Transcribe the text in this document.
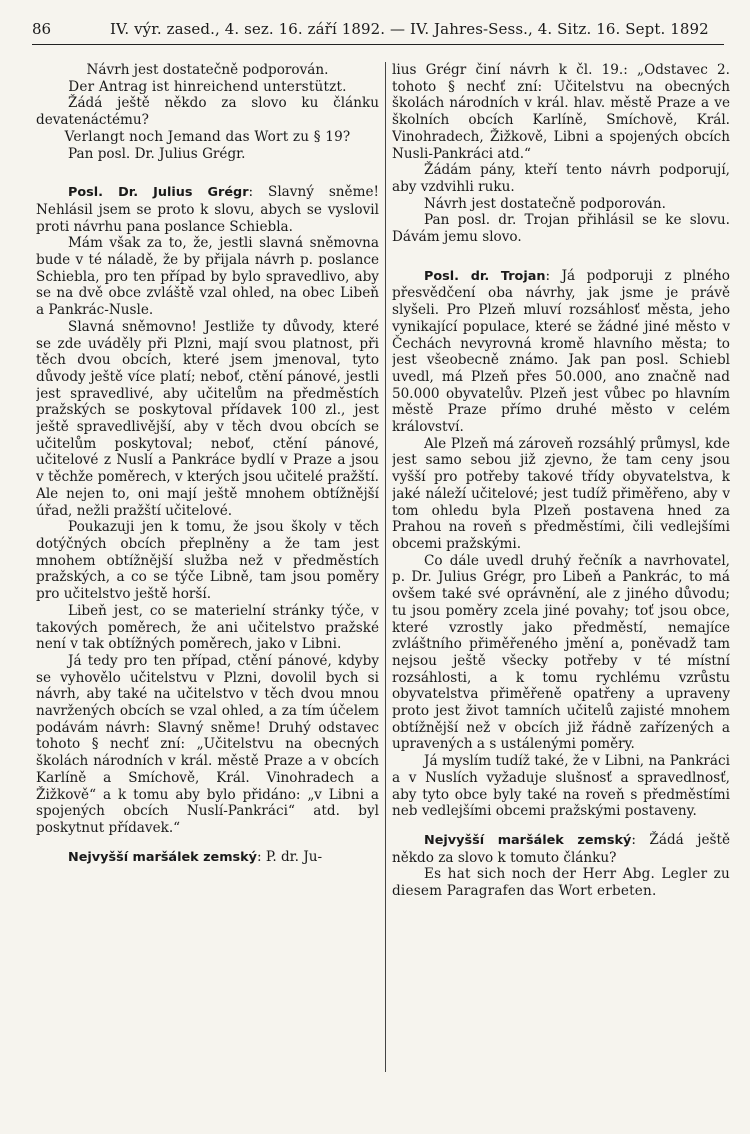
86	IV. výr. zased., 4. sez. 16. září 1892. — IV. Jahres-Sess., 4. Sitz. 16. Sept. 1892

Návrh jest dostatečně podporován.

Der Antrag ist hinreichend unterstützt.

Žádá ještě někdo za slovo ku článku devatenáctému?

Verlangt noch Jemand das Wort zu § 19?

Pan posl. Dr. Julius Grégr.

Posl. Dr. Julius Grégr: Slavný sněme! Nehlásil jsem se proto k slovu, abych se vyslovil proti návrhu pana poslance Schiebla.

Mám však za to, že, jestli slavná sněmovna bude v té náladě, že by přijala návrh p. poslance Schiebla, pro ten případ by bylo spravedlivo, aby se na dvě obce zvláště vzal ohled, na obec Libeň a Pankrác-Nusle.

Slavná sněmovno! Jestliže ty důvody, které se zde uváděly při Plzni, mají svou platnost, při těch dvou obcích, které jsem jmenoval, tyto důvody ještě více platí; neboť, ctění pánové, jestli jest spravedlivé, aby učitelům na předměstích pražských se poskytoval přídavek 100 zl., jest ještě spravedlivější, aby v těch dvou obcích se učitelům poskytoval; neboť, ctění pánové, učitelové z Nuslí a Pankráce bydlí v Praze a jsou v těchže poměrech, v kterých jsou učitelé pražští. Ale nejen to, oni mají ještě mnohem obtížnější úřad, nežli pražští učitelové.

Poukazuji jen k tomu, že jsou školy v těch dotýčných obcích přeplněny a že tam jest mnohem obtížnější služba než v předměstích pražských, a co se týče Libně, tam jsou poměry pro učitelstvo ještě horší.

Libeň jest, co se materielní stránky týče, v takových poměrech, že ani učitelstvo pražské není v tak obtížných poměrech, jako v Libni.

Já tedy pro ten případ, ctění pánové, kdyby se vyhovělo učitelstvu v Plzni, dovolil bych si návrh, aby také na učitelstvo v těch dvou mnou navržených obcích se vzal ohled, a za tím účelem podávám návrh: Slavný sněme! Druhý odstavec tohoto § nechť zní: „Učitelstvu na obecných školách národních v král. městě Praze a v obcích Karlíně a Smíchově, Král. Vinohradech a Žižkově“ a k tomu aby bylo přidáno: „v Libni a spojených obcích Nuslí-Pankráci“ atd. byl poskytnut přídavek.“

Nejvyšší maršálek zemský: P. dr. Ju-

lius Grégr činí návrh k čl. 19.: „Odstavec 2. tohoto § nechť zní: Učitelstvu na obecných školách národních v král. hlav. městě Praze a ve školních obcích Karlíně, Smíchově, Král. Vinohradech, Žižkově, Libni a spojených obcích Nusli-Pankráci atd.“

Žádám pány, kteří tento návrh podporují, aby vzdvihli ruku.

Návrh jest dostatečně podporován.

Pan posl. dr. Trojan přihlásil se ke slovu. Dávám jemu slovo.

Posl. dr. Trojan: Já podporuji z plného přesvědčení oba návrhy, jak jsme je právě slyšeli. Pro Plzeň mluví rozsáhlosť města, jeho vynikající populace, které se žádné jiné město v Čechách nevyrovná kromě hlavního města; to jest všeobecně známo. Jak pan posl. Schiebl uvedl, má Plzeň přes 50.000, ano značně nad 50.000 obyvatelův. Plzeň jest vůbec po hlavním městě Praze přímo druhé město v celém království.

Ale Plzeň má zároveň rozsáhlý průmysl, kde jest samo sebou již zjevno, že tam ceny jsou vyšší pro potřeby takové třídy obyvatelstva, k jaké náleží učitelové; jest tudíž přiměřeno, aby v tom ohledu byla Plzeň postavena hned za Prahou na roveň s předměstími, čili vedlejšími obcemi pražskými.

Co dále uvedl druhý řečník a navrhovatel, p. Dr. Julius Grégr, pro Libeň a Pankrác, to má ovšem také své oprávnění, ale z jiného důvodu; tu jsou poměry zcela jiné povahy; toť jsou obce, které vzrostly jako předměstí, nemajíce zvláštního přiměřeného jmění a, poněvadž tam nejsou ještě všecky potřeby v té místní rozsáhlosti, a k tomu rychlému vzrůstu obyvatelstva přiměřeně opatřeny a upraveny proto jest život tamních učitelů zajisté mnohem obtížnější než v obcích již řádně zařízených a upravených a s ustálenými poměry.

Já myslím tudíž také, že v Libni, na Pankráci a v Nuslích vyžaduje slušnosť a spravedlnosť, aby tyto obce byly také na roveň s předměstími neb vedlejšími obcemi pražskými postaveny.

Nejvyšší maršálek zemský: Žádá ještě někdo za slovo k tomuto článku?

Es hat sich noch der Herr Abg. Legler zu diesem Paragrafen das Wort erbeten.
